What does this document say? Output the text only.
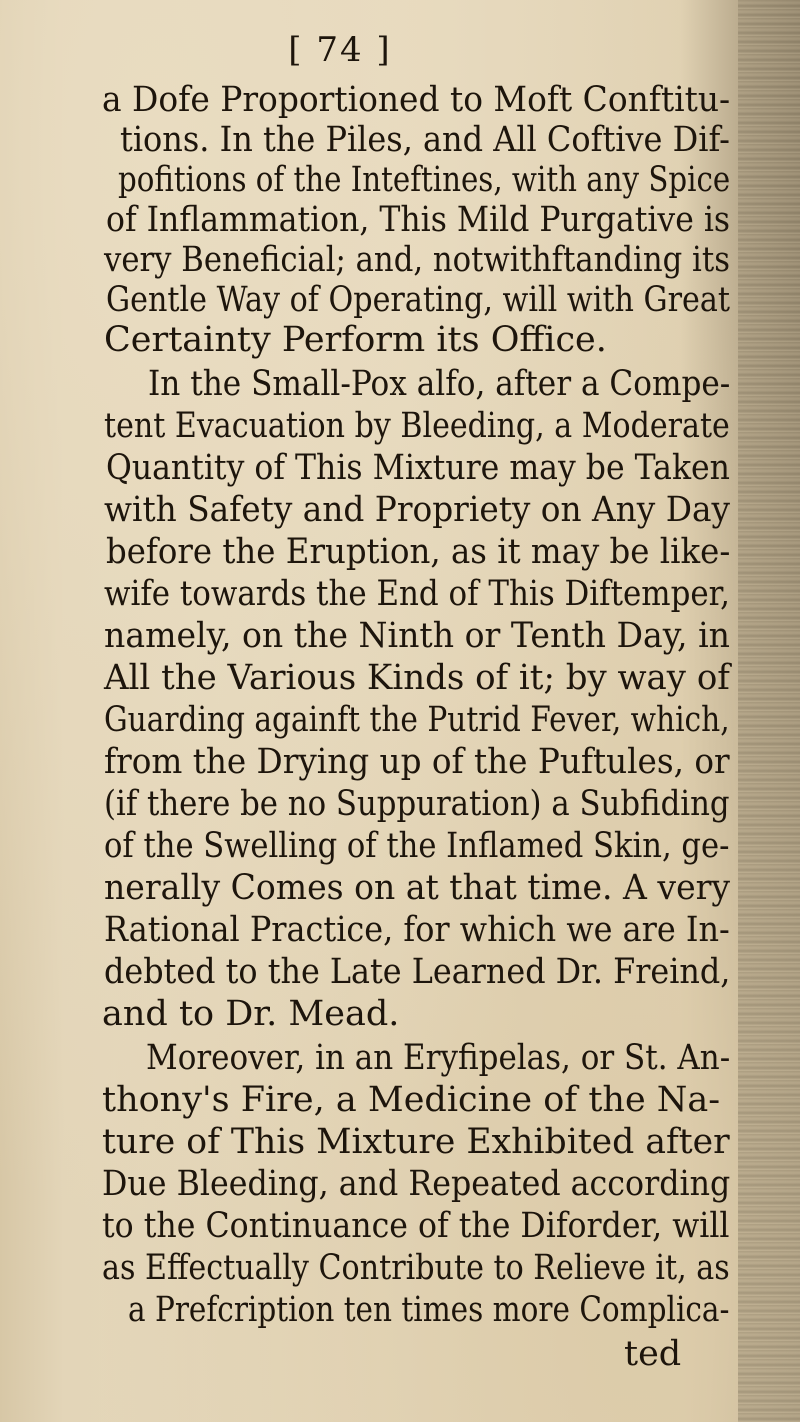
[ 74 ]
a Dofe Proportioned to Moft Conftitu-
tions. In the Piles, and All Coftive Dif-
pofitions of the Inteftines, with any Spice
of Inflammation, This Mild Purgative is
very Beneficial; and, notwithftanding its
Gentle Way of Operating, will with Great
Certainty Perform its Office.
In the Small-Pox alfo, after a Compe-
tent Evacuation by Bleeding, a Moderate
Quantity of This Mixture may be Taken
with Safety and Propriety on Any Day
before the Eruption, as it may be like-
wife towards the End of This Diftemper,
namely, on the Ninth or Tenth Day, in
All the Various Kinds of it; by way of
Guarding againft the Putrid Fever, which,
from the Drying up of the Puftules, or
(if there be no Suppuration) a Subfiding
of the Swelling of the Inflamed Skin, ge-
nerally Comes on at that time. A very
Rational Practice, for which we are In-
debted to the Late Learned Dr. Freind,
and to Dr. Mead.
Moreover, in an Eryfipelas, or St. An-
thony's Fire, a Medicine of the Na-
ture of This Mixture Exhibited after
Due Bleeding, and Repeated according
to the Continuance of the Diforder, will
as Effectually Contribute to Relieve it, as
a Prefcription ten times more Complica-
ted
